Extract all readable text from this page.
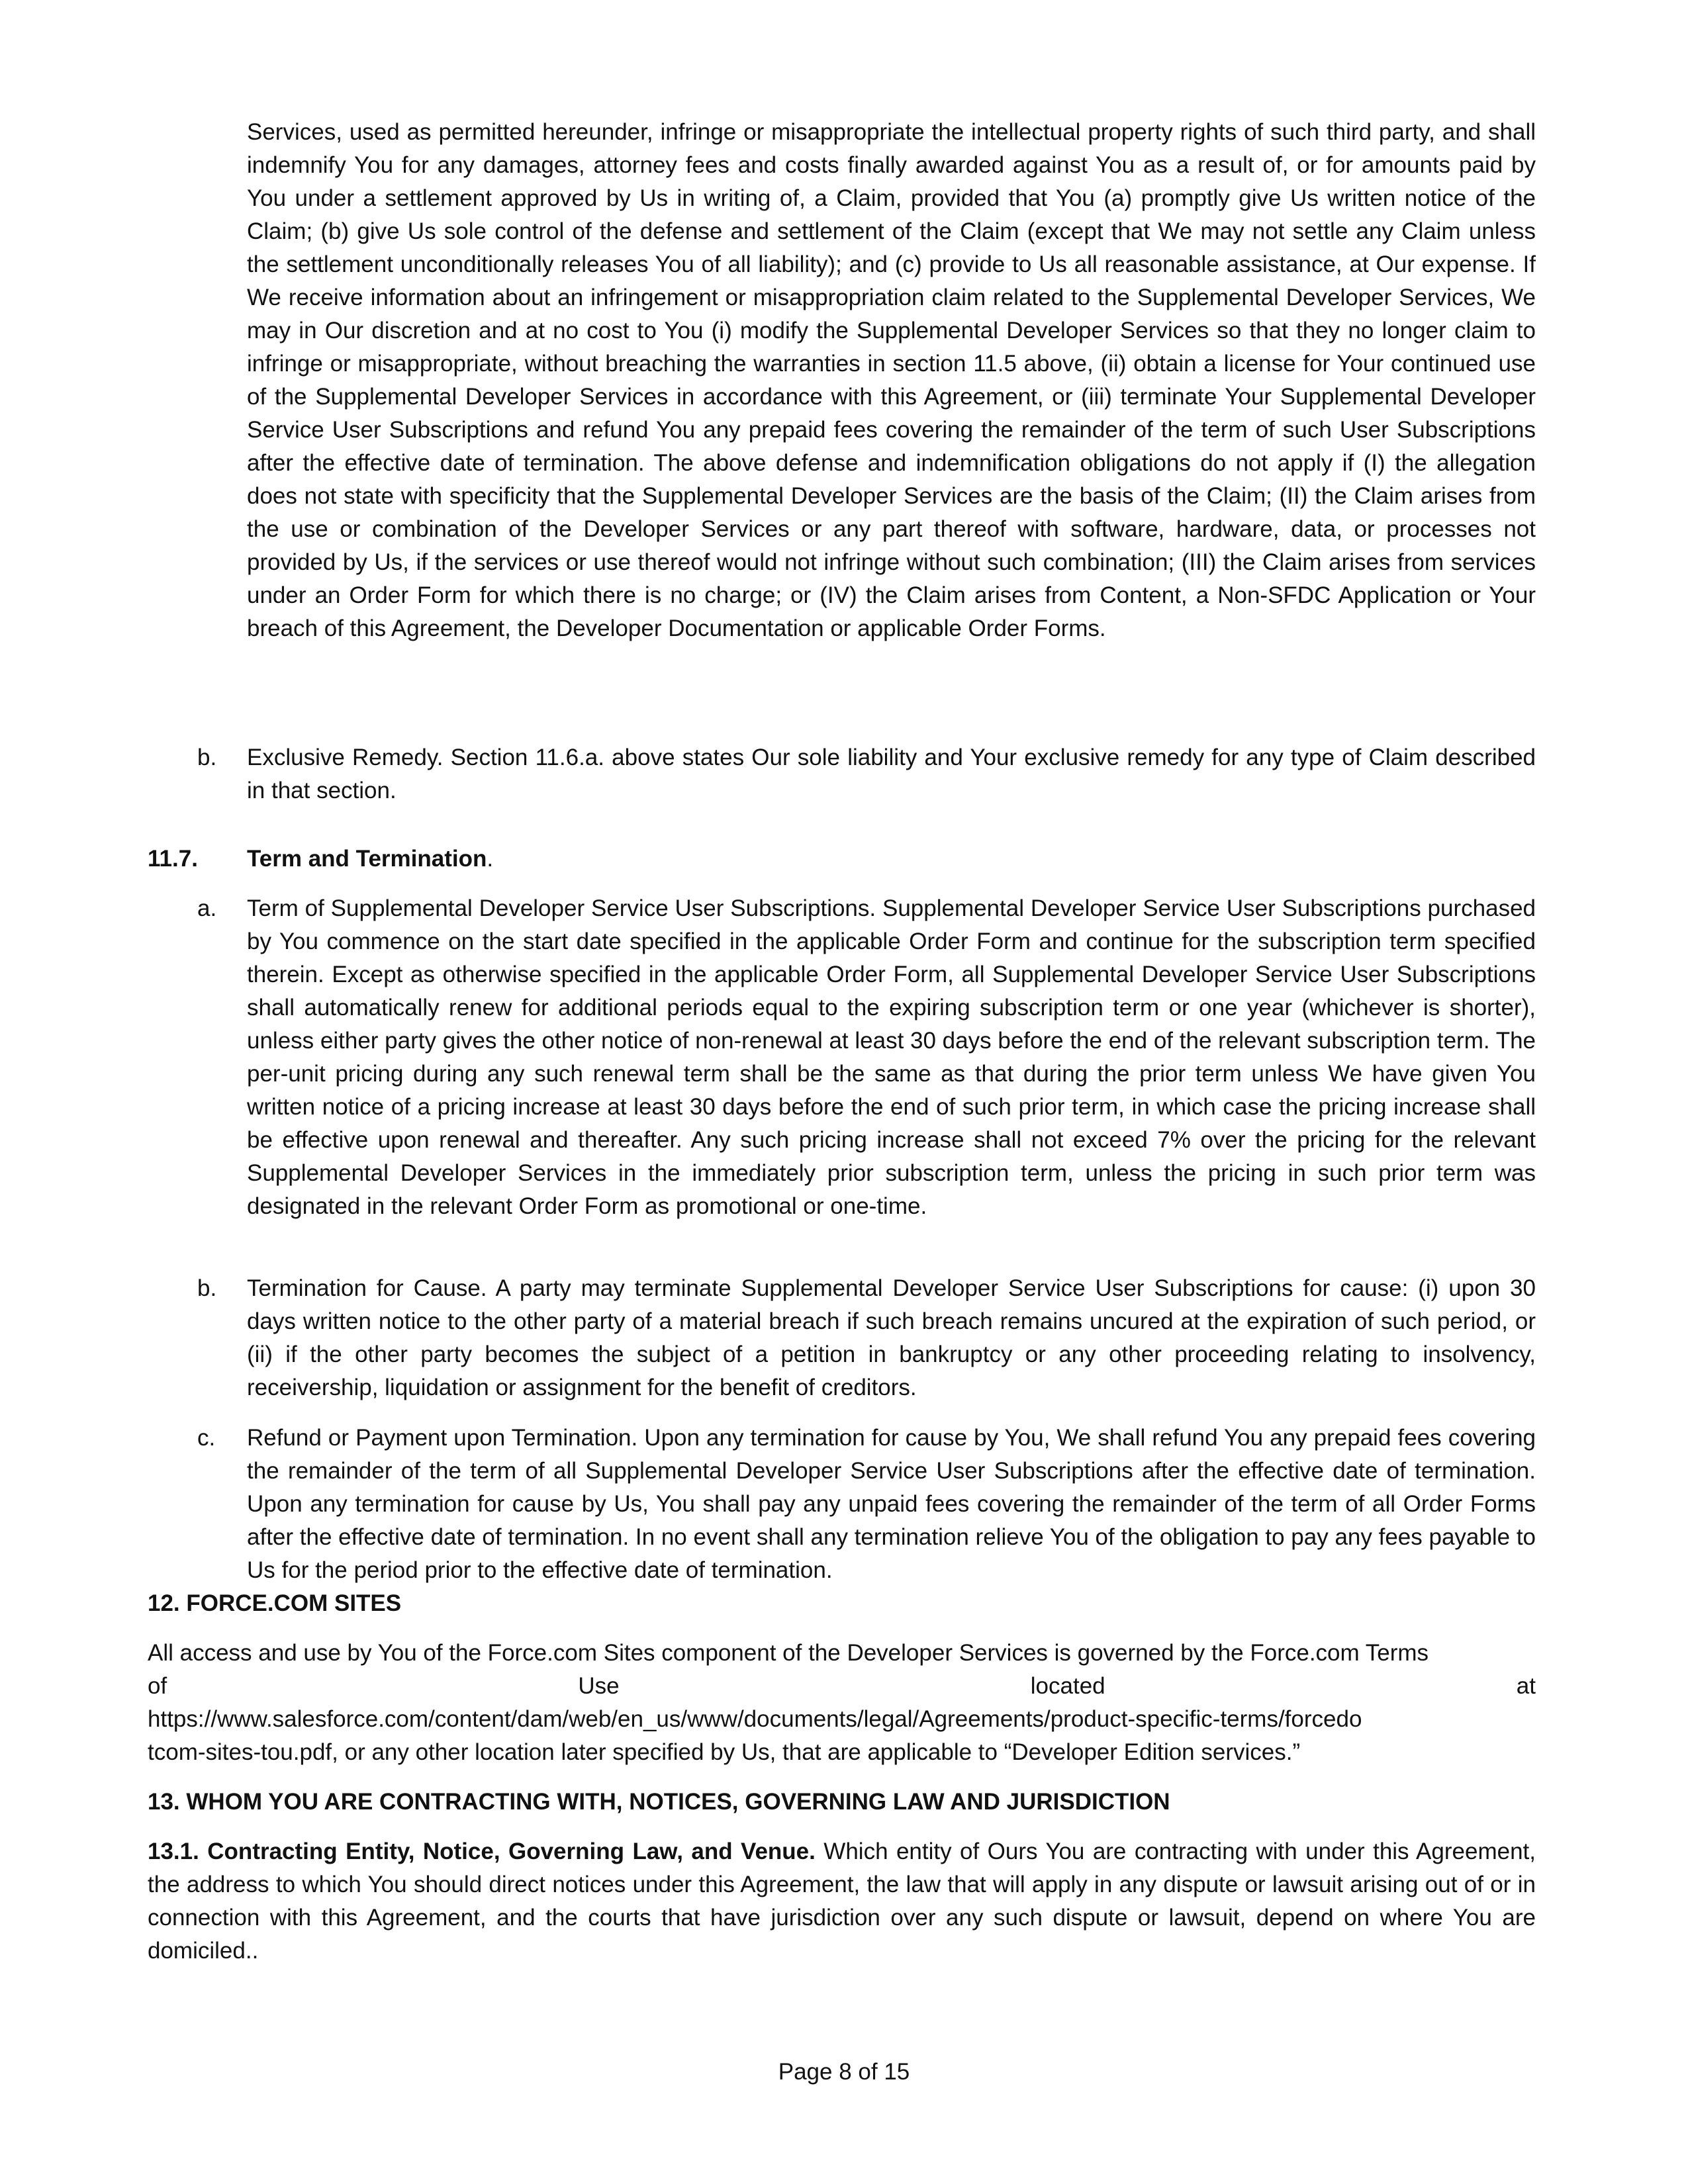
Services, used as permitted hereunder, infringe or misappropriate the intellectual property rights of such third party, and shall indemnify You for any damages, attorney fees and costs finally awarded against You as a result of, or for amounts paid by You under a settlement approved by Us in writing of, a Claim, provided that You (a) promptly give Us written notice of the Claim; (b) give Us sole control of the defense and settlement of the Claim (except that We may not settle any Claim unless the settlement unconditionally releases You of all liability); and (c) provide to Us all reasonable assistance, at Our expense. If We receive information about an infringement or misappropriation claim related to the Supplemental Developer Services, We may in Our discretion and at no cost to You (i) modify the Supplemental Developer Services so that they no longer claim to infringe or misappropriate, without breaching the warranties in section 11.5 above, (ii) obtain a license for Your continued use of the Supplemental Developer Services in accordance with this Agreement, or (iii) terminate Your Supplemental Developer Service User Subscriptions and refund You any prepaid fees covering the remainder of the term of such User Subscriptions after the effective date of termination. The above defense and indemnification obligations do not apply if (I) the allegation does not state with specificity that the Supplemental Developer Services are the basis of the Claim; (II) the Claim arises from the use or combination of the Developer Services or any part thereof with software, hardware, data, or processes not provided by Us, if the services or use thereof would not infringe without such combination; (III) the Claim arises from services under an Order Form for which there is no charge; or (IV) the Claim arises from Content, a Non-SFDC Application or Your breach of this Agreement, the Developer Documentation or applicable Order Forms.

b. Exclusive Remedy. Section 11.6.a. above states Our sole liability and Your exclusive remedy for any type of Claim described in that section.

11.7. Term and Termination.
a. Term of Supplemental Developer Service User Subscriptions. Supplemental Developer Service User Subscriptions purchased by You commence on the start date specified in the applicable Order Form and continue for the subscription term specified therein. Except as otherwise specified in the applicable Order Form, all Supplemental Developer Service User Subscriptions shall automatically renew for additional periods equal to the expiring subscription term or one year (whichever is shorter), unless either party gives the other notice of non-renewal at least 30 days before the end of the relevant subscription term. The per-unit pricing during any such renewal term shall be the same as that during the prior term unless We have given You written notice of a pricing increase at least 30 days before the end of such prior term, in which case the pricing increase shall be effective upon renewal and thereafter. Any such pricing increase shall not exceed 7% over the pricing for the relevant Supplemental Developer Services in the immediately prior subscription term, unless the pricing in such prior term was designated in the relevant Order Form as promotional or one-time.

b. Termination for Cause. A party may terminate Supplemental Developer Service User Subscriptions for cause: (i) upon 30 days written notice to the other party of a material breach if such breach remains uncured at the expiration of such period, or (ii) if the other party becomes the subject of a petition in bankruptcy or any other proceeding relating to insolvency, receivership, liquidation or assignment for the benefit of creditors.

c. Refund or Payment upon Termination. Upon any termination for cause by You, We shall refund You any prepaid fees covering the remainder of the term of all Supplemental Developer Service User Subscriptions after the effective date of termination. Upon any termination for cause by Us, You shall pay any unpaid fees covering the remainder of the term of all Order Forms after the effective date of termination. In no event shall any termination relieve You of the obligation to pay any fees payable to Us for the period prior to the effective date of termination.

12. FORCE.COM SITES
All access and use by You of the Force.com Sites component of the Developer Services is governed by the Force.com Terms
of	Use	located	at
https://www.salesforce.com/content/dam/web/en_us/www/documents/legal/Agreements/product-specific-terms/forcedo
tcom-sites-tou.pdf, or any other location later specified by Us, that are applicable to “Developer Edition services.”
13. WHOM YOU ARE CONTRACTING WITH, NOTICES, GOVERNING LAW AND JURISDICTION

13.1. Contracting Entity, Notice, Governing Law, and Venue. Which entity of Ours You are contracting with under this Agreement, the address to which You should direct notices under this Agreement, the law that will apply in any dispute or lawsuit arising out of or in connection with this Agreement, and the courts that have jurisdiction over any such dispute or lawsuit, depend on where You are domiciled..

Page 8 of 15
